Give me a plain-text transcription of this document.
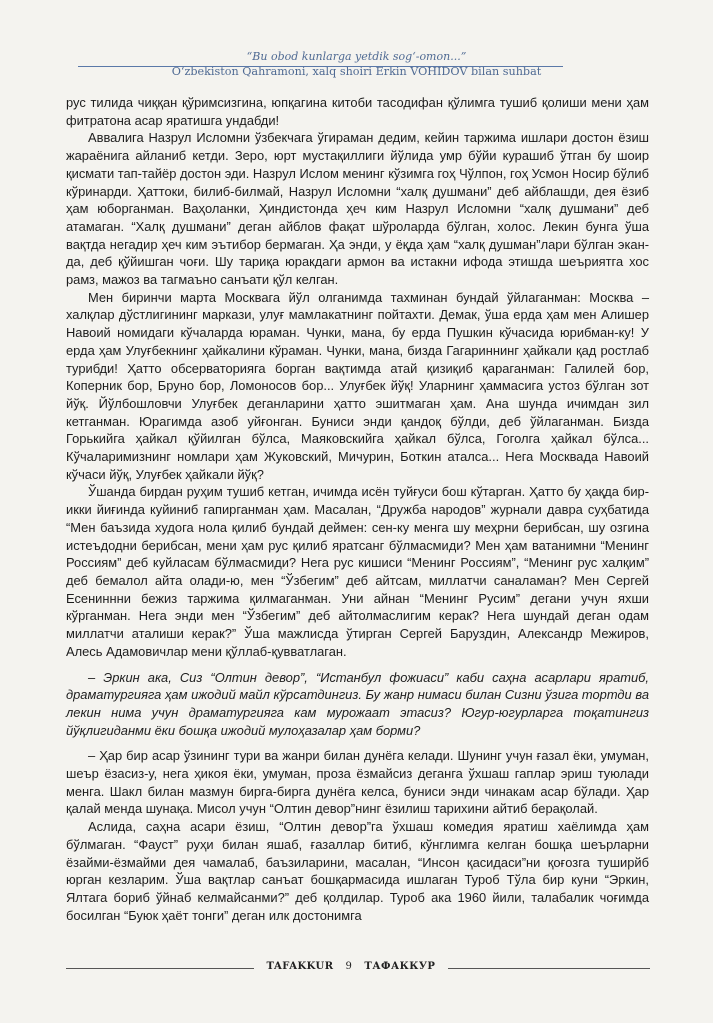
“Bu obod kunlarga yetdik sog‘-omon...”
O‘zbekiston Qahramoni, xalq shoiri Erkin VOHIDOV bilan suhbat

рус тилида чиққан қўримсизгина, юпқагина китоби тасодифан қўлимга тушиб қолиши мени ҳам фитратона асар яратишга ундабди!

Аввалига Назрул Исломни ўзбекчага ўгираман дедим, кейин таржима ишлари достон ёзиш жараёнига айланиб кетди. Зеро, юрт мустақиллиги йўлида умр бўйи курашиб ўтган бу шоир қисмати тап-тайёр достон эди. Назрул Ислом менинг кўзимга гоҳ Чўлпон, гоҳ Усмон Носир бўлиб кўринарди. Ҳаттоки, билиб-билмай, Назрул Исломни “халқ душмани” деб айблашди, дея ёзиб ҳам юборганман. Ваҳоланки, Ҳиндистонда ҳеч ким Назрул Исломни “халқ душмани” деб атамаган. “Халқ душмани” деган айблов фақат шўроларда бўлган, холос. Лекин бунга ўша вақтда негадир ҳеч ким эътибор бермаган. Ҳа энди, у ёқда ҳам “халқ душман”лари бўлган экан-да, деб қўйишган чоғи. Шу тариқа юракдаги армон ва истакни ифода этишда шеъриятга хос рамз, мажоз ва тагмаъно санъати қўл келган.

Мен биринчи марта Москвага йўл олганимда тахминан бундай ўйлаганман: Москва – халқлар дўстлигининг маркази, улуғ мамлакатнинг пойтахти. Демак, ўша ерда ҳам мен Алишер Навоий номидаги кўчаларда юраман. Чунки, мана, бу ерда Пушкин кўчасида юрибман-ку! У ерда ҳам Улуғбекнинг ҳайкалини кўраман. Чунки, мана, бизда Гагариннинг ҳайкали қад ростлаб турибди! Ҳатто обсерваторияга борган вақтимда атай қизиқиб қараганман: Галилей бор, Коперник бор, Бруно бор, Ломоносов бор... Улуғбек йўқ! Уларнинг ҳаммасига устоз бўлган зот йўқ. Йўлбошловчи Улуғбек деганларини ҳатто эшитмаган ҳам. Ана шунда ичимдан зил кетганман. Юрагимда азоб уйғонган. Буниси энди қандоқ бўлди, деб ўйлаганман. Бизда Горькийга ҳайкал қўйилган бўлса, Маяковскийга ҳайкал бўлса, Гоголга ҳайкал бўлса... Кўчаларимизнинг номлари ҳам Жуковский, Мичурин, Боткин аталса... Нега Москвада Навоий кўчаси йўқ, Улуғбек ҳайкали йўқ?

Ўшанда бирдан руҳим тушиб кетган, ичимда исён туйғуси бош кўтарган. Ҳатто бу ҳақда бир-икки йиғинда куйиниб гапирганман ҳам. Масалан, “Дружба народов” журнали давра суҳбатида “Мен баъзида худога нола қилиб бундай деймен: сен-ку менга шу меҳрни берибсан, шу озгина истеъдодни берибсан, мени ҳам рус қилиб яратсанг бўлмасмиди? Мен ҳам ватанимни “Менинг Россиям” деб куйласам бўлмасмиди? Нега рус кишиси “Менинг Россиям”, “Менинг рус халқим” деб бемалол айта олади-ю, мен “Ўзбегим” деб айтсам, миллатчи саналаман? Мен Сергей Есениннни бежиз таржима қилмаганман. Уни айнан “Менинг Русим” дегани учун яхши кўрганман. Нега энди мен “Ўзбегим” деб айтолмаслигим керак? Нега шундай деган одам миллатчи аталиши керак?” Ўша мажлисда ўтирган Сергей Баруздин, Александр Межиров, Алесь Адамовичлар мени қўллаб-қувватлаган.

– Эркин ака, Сиз “Олтин девор”, “Истанбул фожиаси” каби саҳна асарлари яратиб, драматургияга ҳам ижодий майл кўрсатдингиз. Бу жанр нимаси билан Сизни ўзига тортди ва лекин нима учун драматургияга кам мурожаат этасиз? Югур-югурларга тоқатингиз йўқлигиданми ёки бошқа ижодий мулоҳазалар ҳам борми?

– Ҳар бир асар ўзининг тури ва жанри билан дунёга келади. Шунинг учун ғазал ёки, умуман, шеър ёзасиз-у, нега ҳикоя ёки, умуман, проза ёзмайсиз деганга ўхшаш гаплар эриш туюлади менга. Шакл билан мазмун бирга-бирга дунёга келса, буниси энди чинакам асар бўлади. Ҳар қалай менда шунақа. Мисол учун “Олтин девор”нинг ёзилиш тарихини айтиб берақолай.

Аслида, саҳна асари ёзиш, “Олтин девор”га ўхшаш комедия яратиш хаёлимда ҳам бўлмаган. “Фауст” руҳи билан яшаб, ғазаллар битиб, кўнглимга келган бошқа шеърларни ёзайми-ёзмайми дея чамалаб, баъзиларини, масалан, “Инсон қасидаси”ни қоғозга туширйб юрган кезларим. Ўша вақтлар санъат бошқармасида ишлаган Туроб Тўла бир куни “Эркин, Ялтага бориб ўйнаб келмайсанми?” деб қолдилар. Туроб ака 1960 йили, талабалик чоғимда босилган “Буюк ҳаёт тонги” деган илк достонимга

TAFAKKUR 9 ТАФАККУР
